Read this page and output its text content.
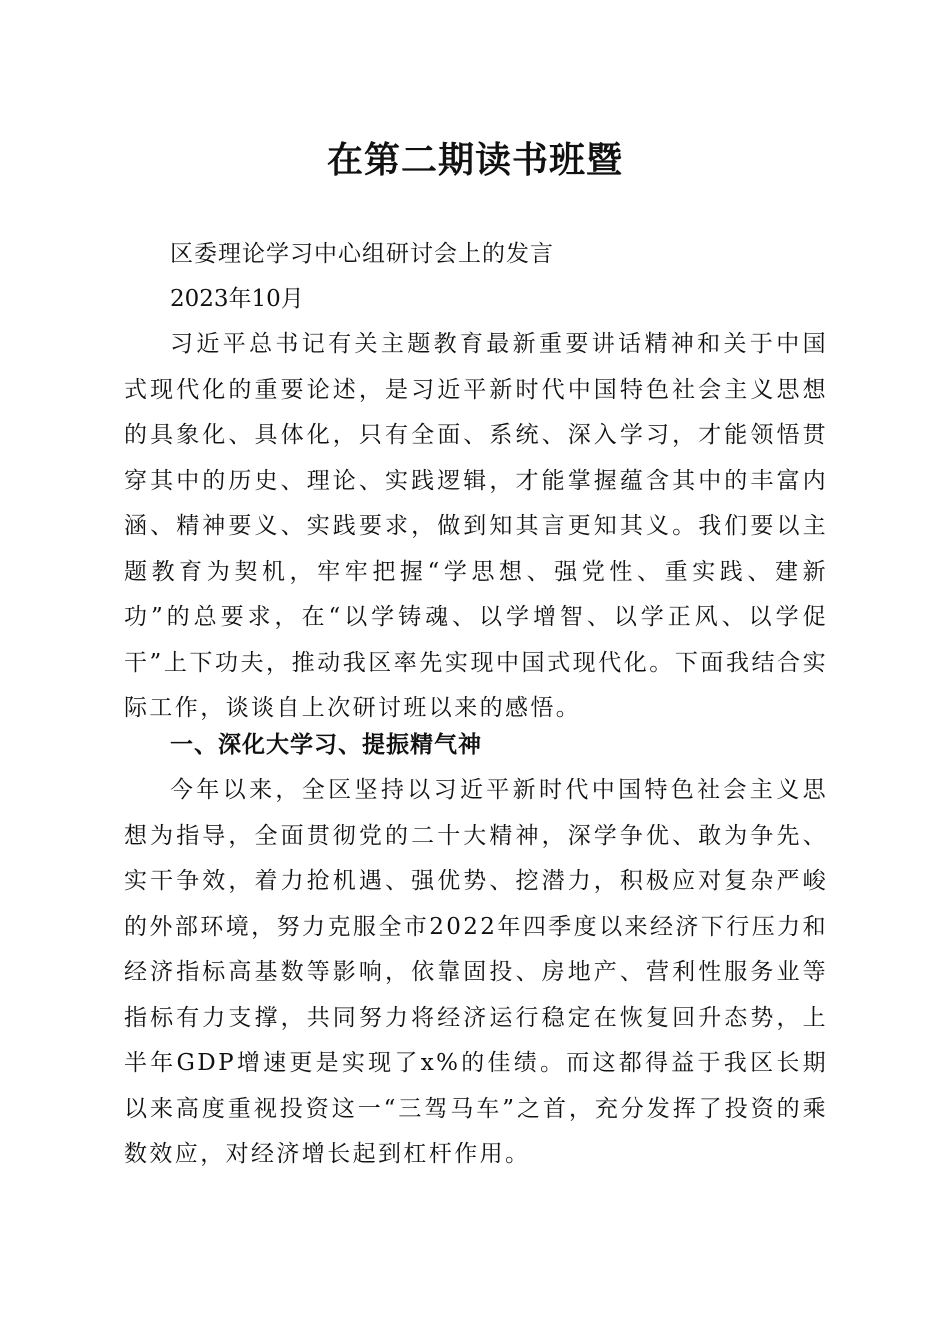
在第二期读书班暨
区委理论学习中心组研讨会上的发言
2023年10月

习近平总书记有关主题教育最新重要讲话精神和关于中国式现代化的重要论述，是习近平新时代中国特色社会主义思想的具象化、具体化，只有全面、系统、深入学习，才能领悟贯穿其中的历史、理论、实践逻辑，才能掌握蕴含其中的丰富内涵、精神要义、实践要求，做到知其言更知其义。我们要以主题教育为契机，牢牢把握“学思想、强党性、重实践、建新功”的总要求，在“以学铸魂、以学增智、以学正风、以学促干”上下功夫，推动我区率先实现中国式现代化。下面我结合实际工作，谈谈自上次研讨班以来的感悟。

一、深化大学习、提振精气神

今年以来，全区坚持以习近平新时代中国特色社会主义思想为指导，全面贯彻党的二十大精神，深学争优、敢为争先、实干争效，着力抢机遇、强优势、挖潜力，积极应对复杂严峻的外部环境，努力克服全市2022年四季度以来经济下行压力和经济指标高基数等影响，依靠固投、房地产、营利性服务业等指标有力支撑，共同努力将经济运行稳定在恢复回升态势，上半年GDP增速更是实现了x%的佳绩。而这都得益于我区长期以来高度重视投资这一“三驾马车”之首，充分发挥了投资的乘数效应，对经济增长起到杠杆作用。
